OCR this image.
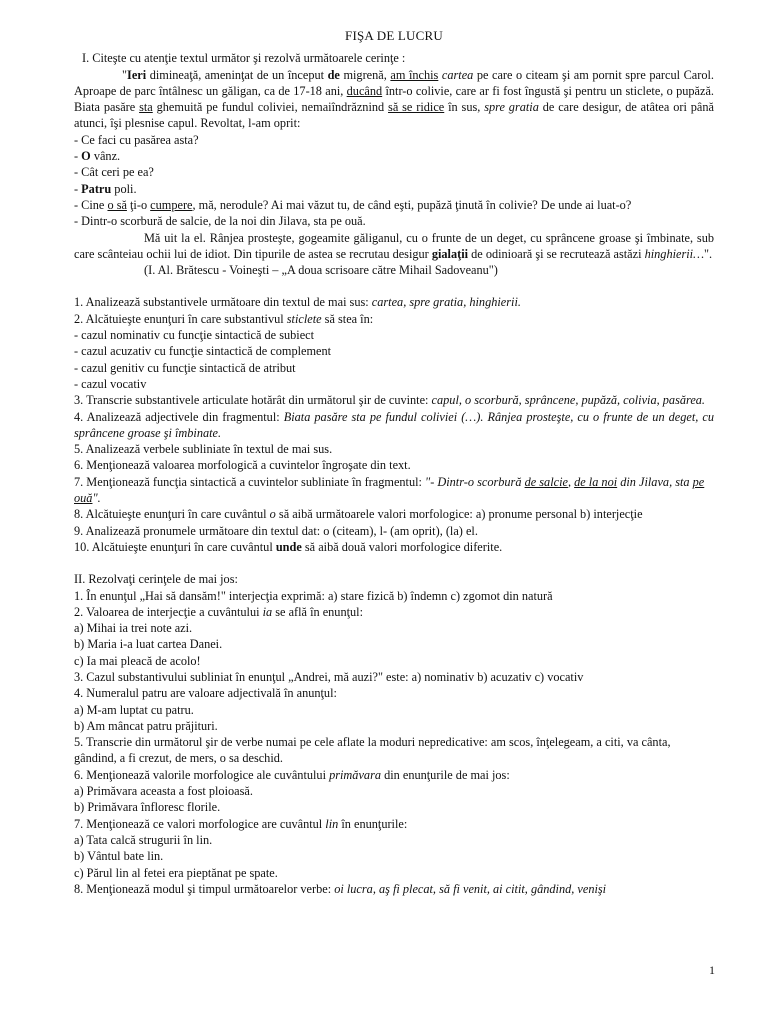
FIŞA DE LUCRU

I. Citeşte cu atenţie textul următor şi rezolvă următoarele cerinţe :

"Ieri dimineaţă, ameninţat de un început de migrenă, am închis cartea pe care o citeam şi am pornit spre parcul Carol. Aproape de parc întâlnesc un găligan, ca de 17-18 ani, ducând într-o colivie, care ar fi fost îngustă şi pentru un sticlete, o pupăză. Biata pasăre sta ghemuită pe fundul coliviei, nemaiîndrăznind să se ridice în sus, spre gratia de care desigur, de atâtea ori până atunci, îşi plesnise capul. Revoltat, l-am oprit:

- Ce faci cu pasărea asta?

- O vânz.

- Cât ceri pe ea?

- Patru poli.

- Cine o să ţi-o cumpere, mă, nerodule? Ai mai văzut tu, de când eşti, pupăză ţinută în colivie? De unde ai luat-o?

- Dintr-o scorbură de salcie, de la noi din Jilava, sta pe ouă.

Mă uit la el. Rânjea prosteşte, gogeamite găliganul, cu o frunte de un deget, cu sprâncene groase şi îmbinate, sub care scânteiau ochii lui de idiot. Din tipurile de astea se recrutau desigur gialaţii de odinioară şi se recrutează astăzi hinghierii…".

(I. Al. Brătescu - Voineşti – „A doua scrisoare către Mihail Sadoveanu")

1. Analizează substantivele următoare din textul de mai sus: cartea, spre gratia, hinghierii.

2. Alcătuieşte enunţuri în care substantivul sticlete să stea în:

- cazul nominativ cu funcţie sintactică de subiect

- cazul acuzativ cu funcţie sintactică de complement

- cazul genitiv cu funcţie sintactică de atribut

- cazul vocativ

3. Transcrie substantivele articulate hotărât din următorul şir de cuvinte: capul, o scorbură, sprâncene, pupăză, colivia, pasărea.

4. Analizează adjectivele din fragmentul: Biata pasăre sta pe fundul coliviei (…). Rânjea prosteşte, cu o frunte de un deget, cu sprâncene groase şi îmbinate.

5. Analizează verbele subliniate în textul de mai sus.

6. Menţionează valoarea morfologică a cuvintelor îngroşate din text.

7. Menţionează funcţia sintactică a cuvintelor subliniate în fragmentul: "- Dintr-o scorbură de salcie, de la noi din Jilava, sta pe ouă".

8. Alcătuieşte enunţuri în care cuvântul o să aibă următoarele valori morfologice: a) pronume personal b) interjecţie

9. Analizează pronumele următoare din textul dat: o (citeam), l- (am oprit), (la) el.

10. Alcătuieşte enunţuri în care cuvântul unde să aibă două valori morfologice diferite.

II. Rezolvaţi cerinţele de mai jos:

1. În enunţul „Hai să dansăm!" interjecţia exprimă: a) stare fizică b) îndemn c) zgomot din natură

2. Valoarea de interjecţie a cuvântului ia se află în enunţul:

a) Mihai ia trei note azi.

b) Maria i-a luat cartea Danei.

c) Ia mai pleacă de acolo!

3. Cazul substantivului subliniat în enunţul „Andrei, mă auzi?" este: a) nominativ b) acuzativ c) vocativ

4. Numeralul patru are valoare adjectivală în anunţul:

a) M-am luptat cu patru.

b) Am mâncat patru prăjituri.

5. Transcrie din următorul şir de verbe numai pe cele aflate la moduri nepredicative: am scos, înţelegeam, a citi, va cânta, gândind, a fi crezut, de mers, o sa deschid.

6. Menţionează valorile morfologice ale cuvântului primăvara din enunţurile de mai jos:

a) Primăvara aceasta a fost ploioasă.

b) Primăvara înfloresc florile.

7. Menţionează ce valori morfologice are cuvântul lin în enunţurile:

a) Tata calcă strugurii în lin.

b) Vântul bate lin.

c) Părul lin al fetei era pieptănat pe spate.

8. Menţionează modul şi timpul următoarelor verbe: oi lucra, aş fi plecat, să fi venit, ai citit, gândind, venişi

1
